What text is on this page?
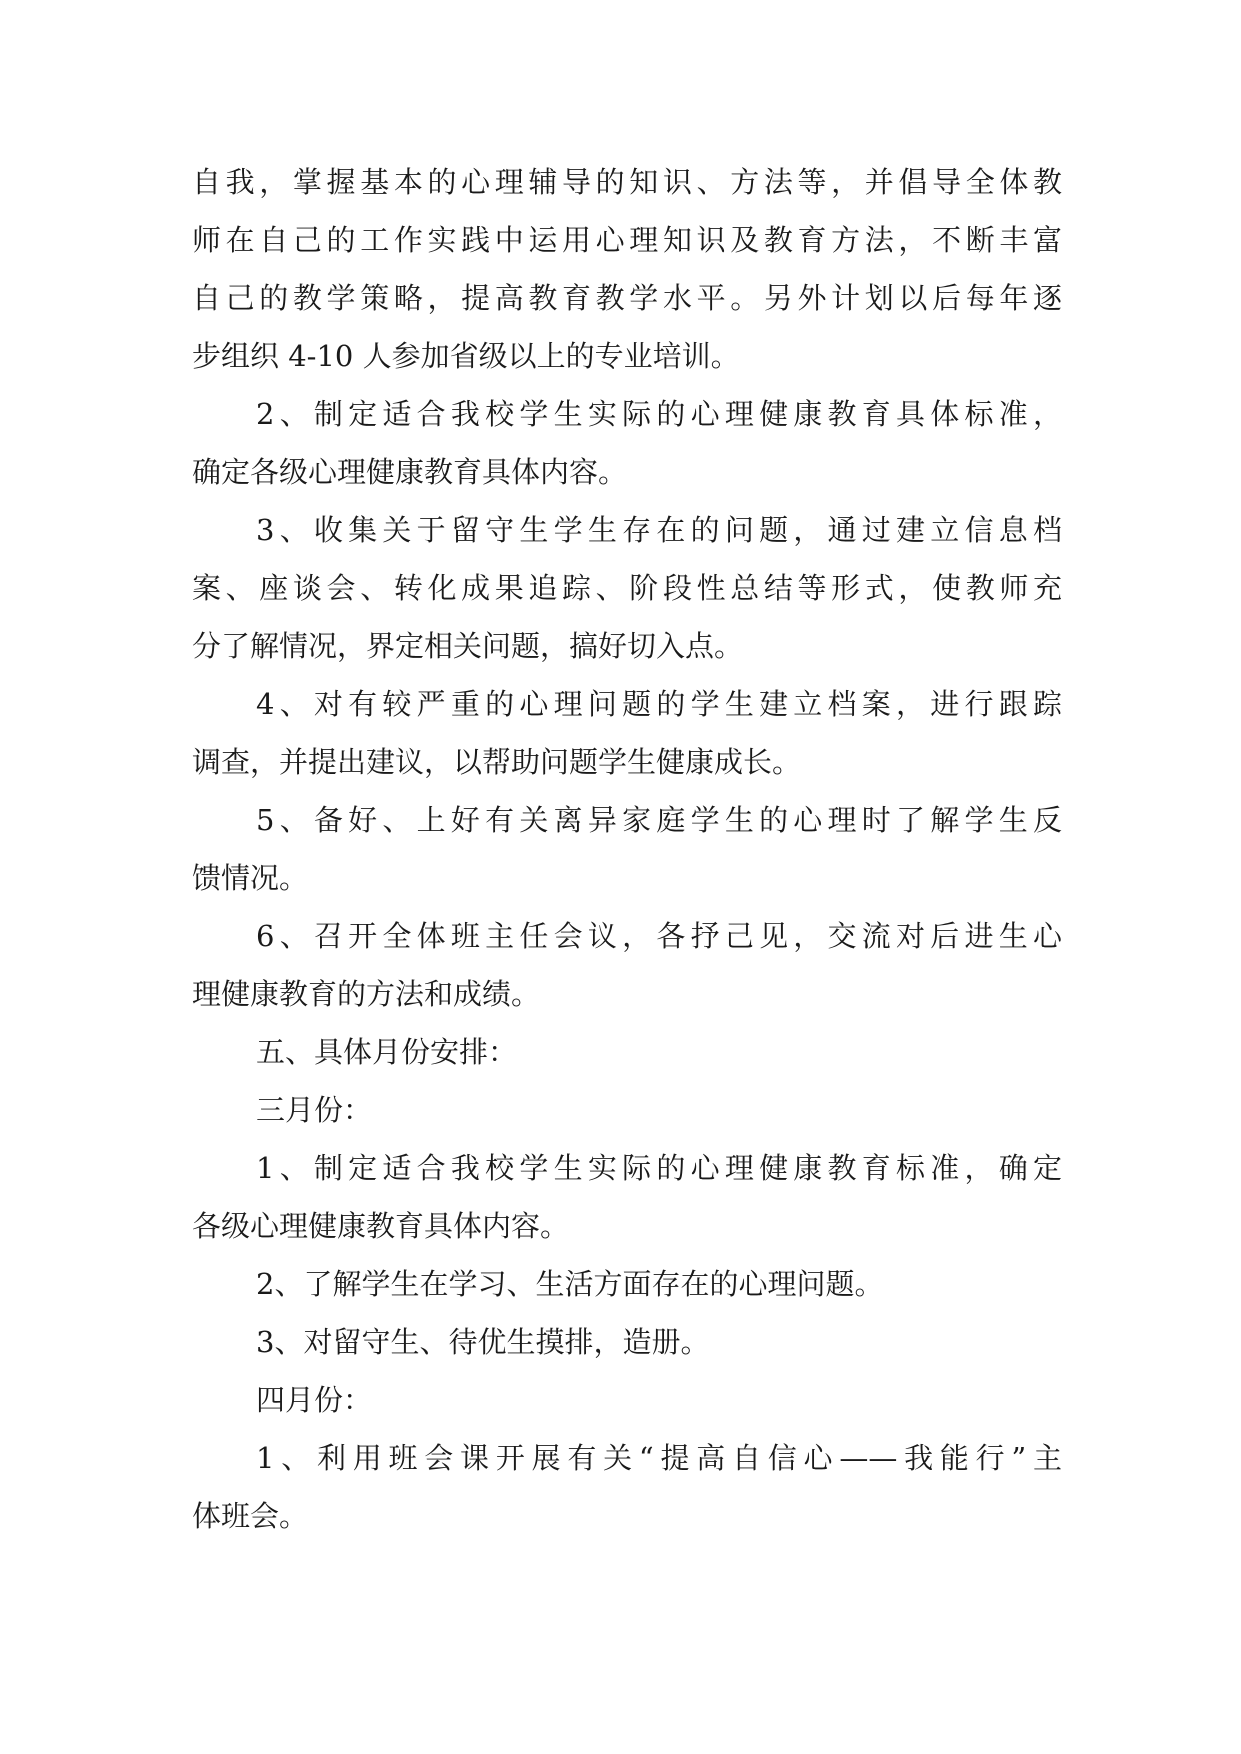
自我，掌握基本的心理辅导的知识、方法等，并倡导全体教
师在自己的工作实践中运用心理知识及教育方法，不断丰富
自己的教学策略，提高教育教学水平。另外计划以后每年逐
步组织 4-10 人参加省级以上的专业培训。
2、制定适合我校学生实际的心理健康教育具体标准，
确定各级心理健康教育具体内容。
3、收集关于留守生学生存在的问题，通过建立信息档
案、座谈会、转化成果追踪、阶段性总结等形式，使教师充
分了解情况，界定相关问题，搞好切入点。
4、对有较严重的心理问题的学生建立档案，进行跟踪
调查，并提出建议，以帮助问题学生健康成长。
5、备好、上好有关离异家庭学生的心理时了解学生反
馈情况。
6、召开全体班主任会议，各抒己见，交流对后进生心
理健康教育的方法和成绩。
五、具体月份安排：
三月份：
1、制定适合我校学生实际的心理健康教育标准，确定
各级心理健康教育具体内容。
2、了解学生在学习、生活方面存在的心理问题。
3、对留守生、待优生摸排，造册。
四月份：
1、利用班会课开展有关“提高自信心——我能行”主
体班会。
